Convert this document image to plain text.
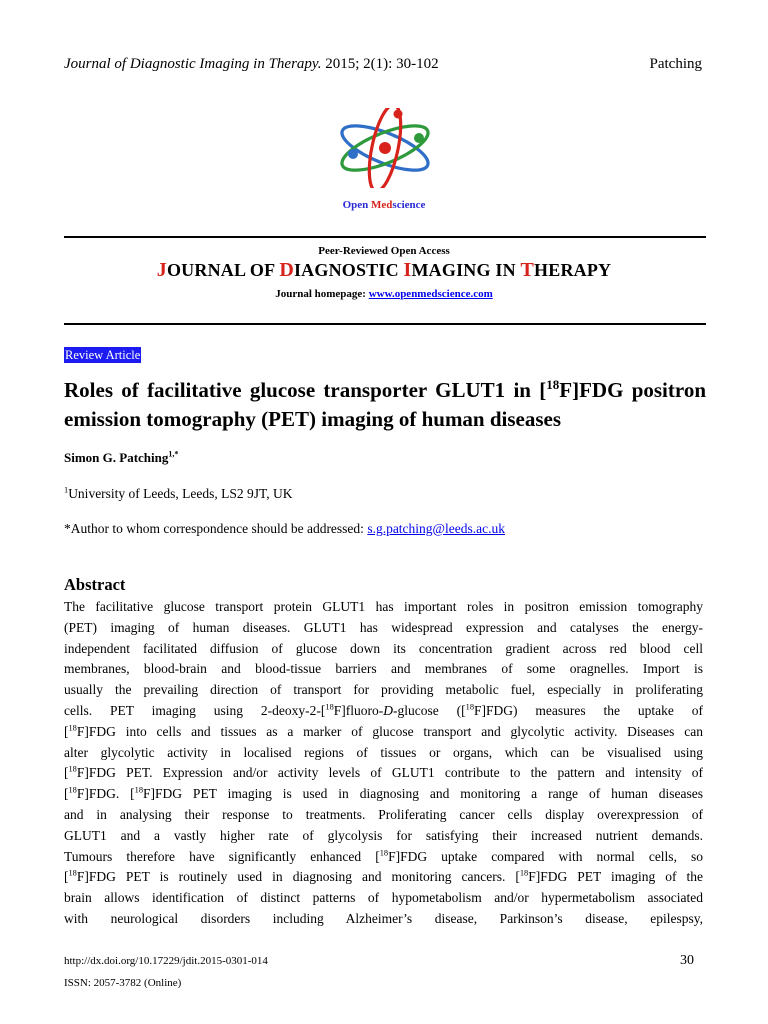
Journal of Diagnostic Imaging in Therapy. 2015; 2(1): 30-102	Patching
Open Medscience
Peer-Reviewed Open Access
JOURNAL OF DIAGNOSTIC IMAGING IN THERAPY
Journal homepage: www.openmedscience.com
Review Article
Roles of facilitative glucose transporter GLUT1 in [$^{18}$F]FDG positron emission tomography (PET) imaging of human diseases
Simon G. Patching$^{1,*}$
$^1$University of Leeds, Leeds, LS2 9JT, UK
*Author to whom correspondence should be addressed: s.g.patching@leeds.ac.uk
Abstract
The facilitative glucose transport protein GLUT1 has important roles in positron emission tomography
(PET) imaging of human diseases. GLUT1 has widespread expression and catalyses the energy-
independent facilitated diffusion of glucose down its concentration gradient across red blood cell
membranes, blood-brain and blood-tissue barriers and membranes of some oragnelles. Import is
usually the prevailing direction of transport for providing metabolic fuel, especially in proliferating
cells. PET imaging using 2-deoxy-2-[$^{18}$F]fluoro-D-glucose ([$^{18}$F]FDG) measures the uptake of
[$^{18}$F]FDG into cells and tissues as a marker of glucose transport and glycolytic activity. Diseases can
alter glycolytic activity in localised regions of tissues or organs, which can be visualised using
[$^{18}$F]FDG PET. Expression and/or activity levels of GLUT1 contribute to the pattern and intensity of
[$^{18}$F]FDG. [$^{18}$F]FDG PET imaging is used in diagnosing and monitoring a range of human diseases
and in analysing their response to treatments. Proliferating cancer cells display overexpression of
GLUT1 and a vastly higher rate of glycolysis for satisfying their increased nutrient demands.
Tumours therefore have significantly enhanced [$^{18}$F]FDG uptake compared with normal cells, so
[$^{18}$F]FDG PET is routinely used in diagnosing and monitoring cancers. [$^{18}$F]FDG PET imaging of the
brain allows identification of distinct patterns of hypometabolism and/or hypermetabolism associated
with neurological disorders including Alzheimer’s disease, Parkinson’s disease, epilespsy,
http://dx.doi.org/10.17229/jdit.2015-0301-014
ISSN: 2057-3782 (Online)
30
